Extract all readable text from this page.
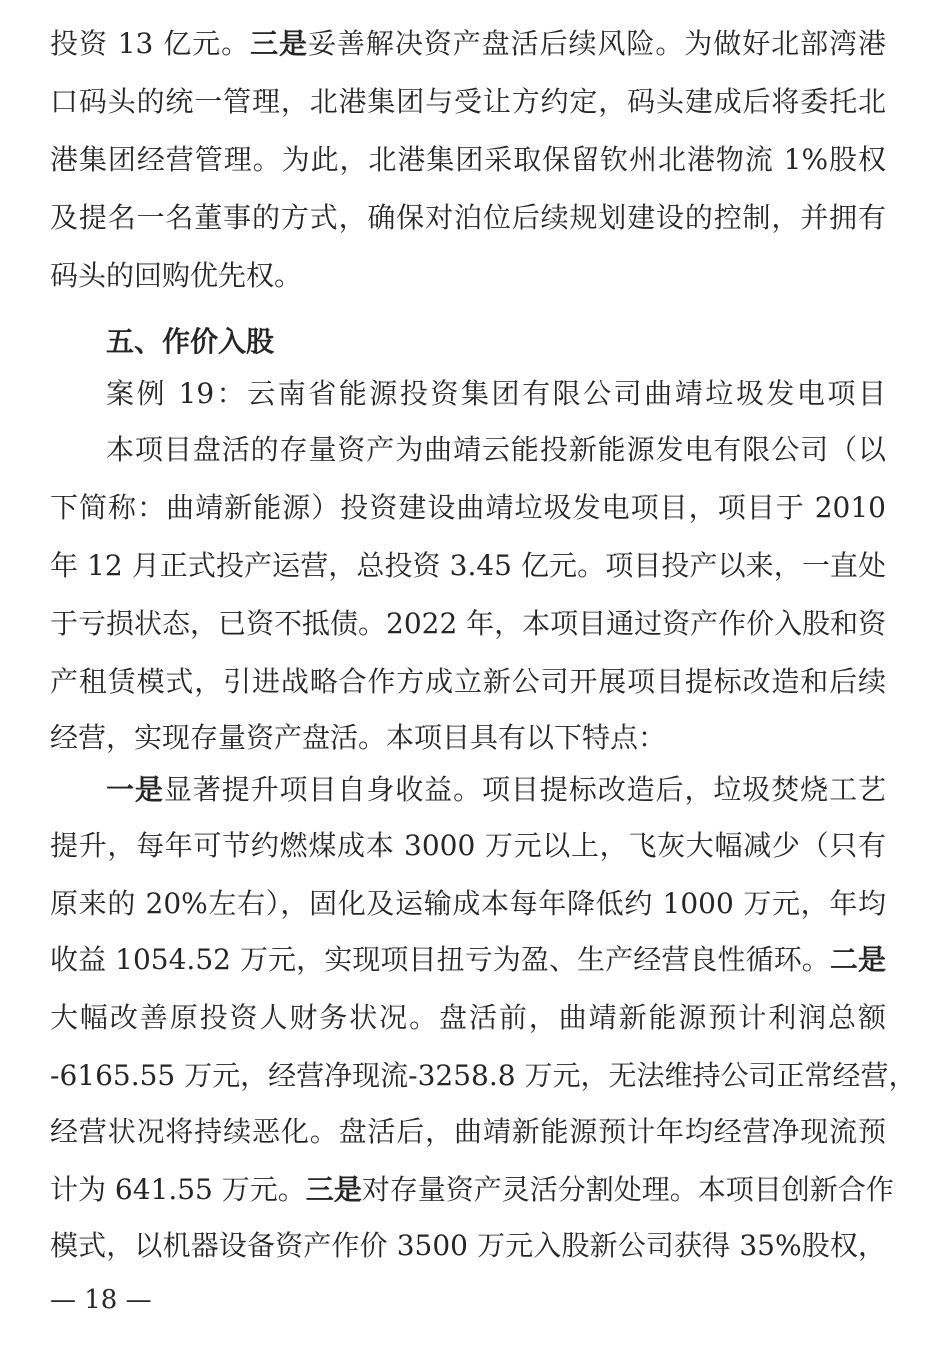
投资 13 亿元。三是妥善解决资产盘活后续风险。为做好北部湾港
口码头的统一管理，北港集团与受让方约定，码头建成后将委托北
港集团经营管理。为此，北港集团采取保留钦州北港物流 1%股权
及提名一名董事的方式，确保对泊位后续规划建设的控制，并拥有
码头的回购优先权。
五、作价入股
案例 19：云南省能源投资集团有限公司曲靖垃圾发电项目
本项目盘活的存量资产为曲靖云能投新能源发电有限公司（以
下简称：曲靖新能源）投资建设曲靖垃圾发电项目，项目于 2010
年 12 月正式投产运营，总投资 3.45 亿元。项目投产以来，一直处
于亏损状态，已资不抵债。2022 年，本项目通过资产作价入股和资
产租赁模式，引进战略合作方成立新公司开展项目提标改造和后续
经营，实现存量资产盘活。本项目具有以下特点：
一是显著提升项目自身收益。项目提标改造后，垃圾焚烧工艺
提升，每年可节约燃煤成本 3000 万元以上，飞灰大幅减少（只有
原来的 20%左右），固化及运输成本每年降低约 1000 万元，年均
收益 1054.52 万元，实现项目扭亏为盈、生产经营良性循环。二是
大幅改善原投资人财务状况。盘活前，曲靖新能源预计利润总额
-6165.55 万元，经营净现流-3258.8 万元，无法维持公司正常经营，
经营状况将持续恶化。盘活后，曲靖新能源预计年均经营净现流预
计为 641.55 万元。三是对存量资产灵活分割处理。本项目创新合作
模式，以机器设备资产作价 3500 万元入股新公司获得 35%股权，
— 18 —
